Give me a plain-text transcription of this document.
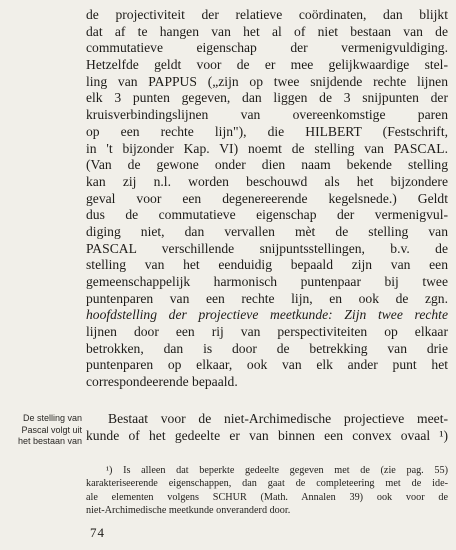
de projectiviteit der relatieve coördinaten, dan blijkt
dat af te hangen van het al of niet bestaan van de
commutatieve eigenschap der vermenigvuldiging.
Hetzelfde geldt voor de er mee gelijkwaardige stel-
ling van PAPPUS („zijn op twee snijdende rechte lijnen
elk 3 punten gegeven, dan liggen de 3 snijpunten der
kruisverbindingslijnen van overeenkomstige paren
op een rechte lijn"), die HILBERT (Festschrift,
in 't bijzonder Kap. VI) noemt de stelling van PASCAL.
(Van de gewone onder dien naam bekende stelling
kan zij n.l. worden beschouwd als het bijzondere
geval voor een degenereerende kegelsnede.) Geldt
dus de commutatieve eigenschap der vermenigvul-
diging niet, dan vervallen mèt de stelling van
PASCAL verschillende snijpuntsstellingen, b.v. de
stelling van het eenduidig bepaald zijn van een
gemeenschappelijk harmonisch puntenpaar bij twee
puntenparen van een rechte lijn, en ook de zgn.
hoofdstelling der projectieve meetkunde: Zijn twee rechte
lijnen door een rij van perspectiviteiten op elkaar
betrokken, dan is door de betrekking van drie
puntenparen op elkaar, ook van elk ander punt het
correspondeerende bepaald.
De stelling van
Pascal volgt uit
het bestaan van
Bestaat voor de niet-Archimedische projectieve meet-
kunde of het gedeelte er van binnen een convex ovaal ¹)
¹) Is alleen dat beperkte gedeelte gegeven met de (zie pag. 55)
karakteriseerende eigenschappen, dan gaat de completeering met de ide-
ale elementen volgens SCHUR (Math. Annalen 39) ook voor de
niet-Archimedische meetkunde onveranderd door.
74
